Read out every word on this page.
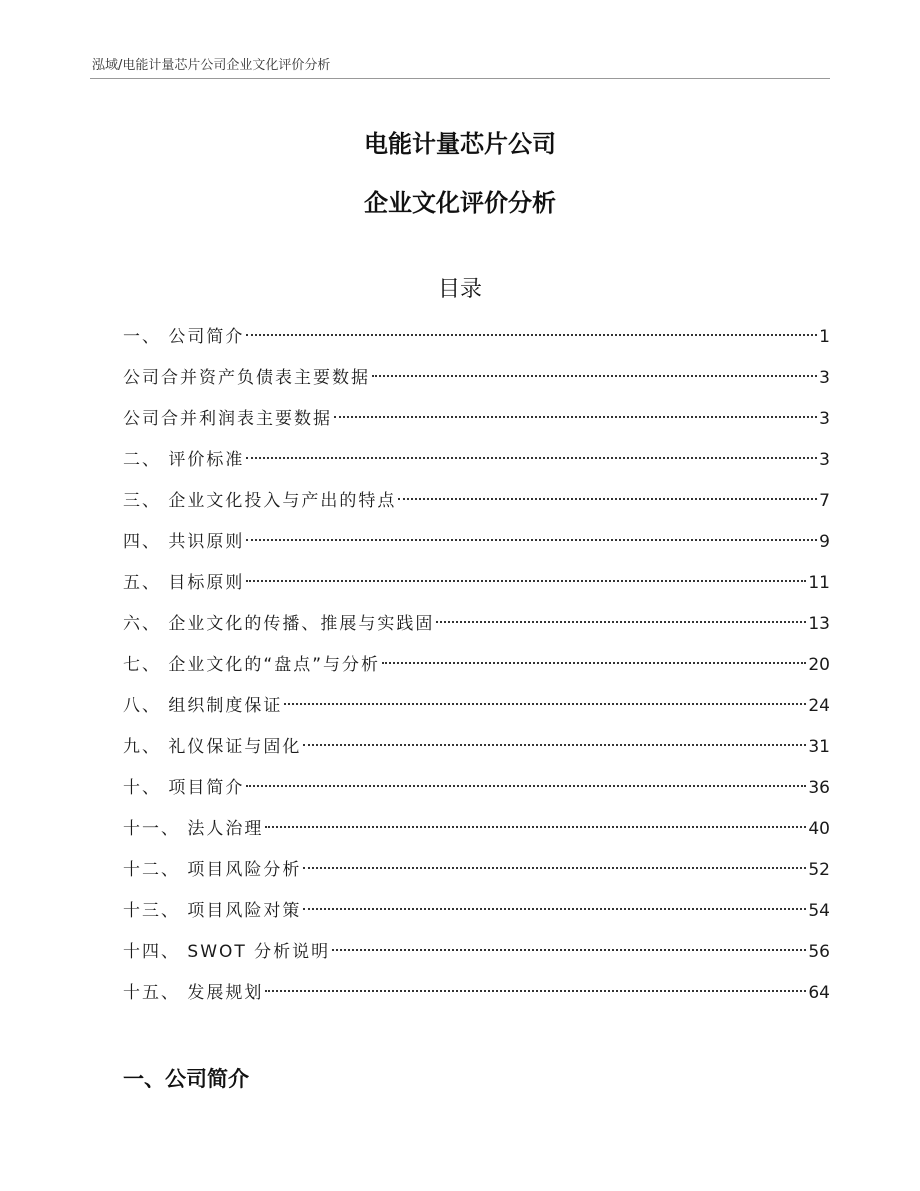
泓域/电能计量芯片公司企业文化评价分析
电能计量芯片公司
企业文化评价分析
目录
一、 公司简介	1
公司合并资产负债表主要数据	3
公司合并利润表主要数据	3
二、 评价标准	3
三、 企业文化投入与产出的特点	7
四、 共识原则	9
五、 目标原则	11
六、 企业文化的传播、推展与实践固	13
七、 企业文化的“盘点”与分析	20
八、 组织制度保证	24
九、 礼仪保证与固化	31
十、 项目简介	36
十一、 法人治理	40
十二、 项目风险分析	52
十三、 项目风险对策	54
十四、 SWOT 分析说明	56
十五、 发展规划	64
一、公司简介
